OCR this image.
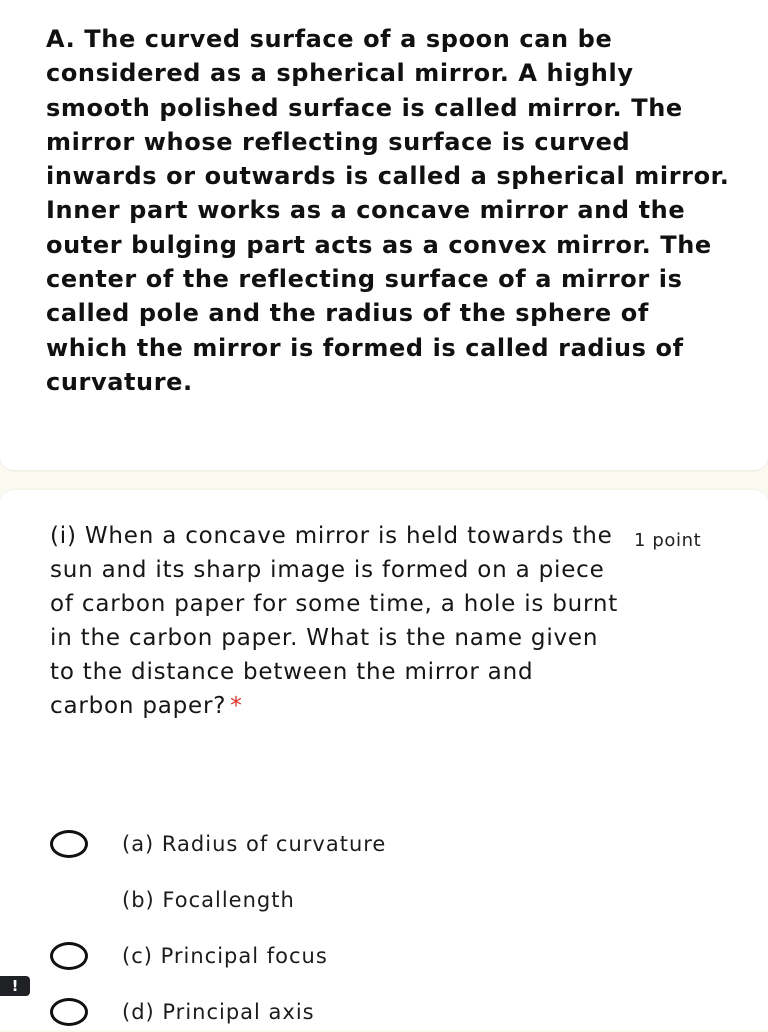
A. The curved surface of a spoon can be considered as a spherical mirror. A highly smooth polished surface is called mirror. The mirror whose reflecting surface is curved inwards or outwards is called a spherical mirror. Inner part works as a concave mirror and the outer bulging part acts as a convex mirror. The center of the reflecting surface of a mirror is called pole and the radius of the sphere of which the mirror is formed is called radius of curvature.

(i) When a concave mirror is held towards the sun and its sharp image is formed on a piece of carbon paper for some time, a hole is burnt in the carbon paper. What is the name given to the distance between the mirror and carbon paper? *

1 point
(a) Radius of curvature
(b) Focallength
(c) Principal focus
(d) Principal axis
!
